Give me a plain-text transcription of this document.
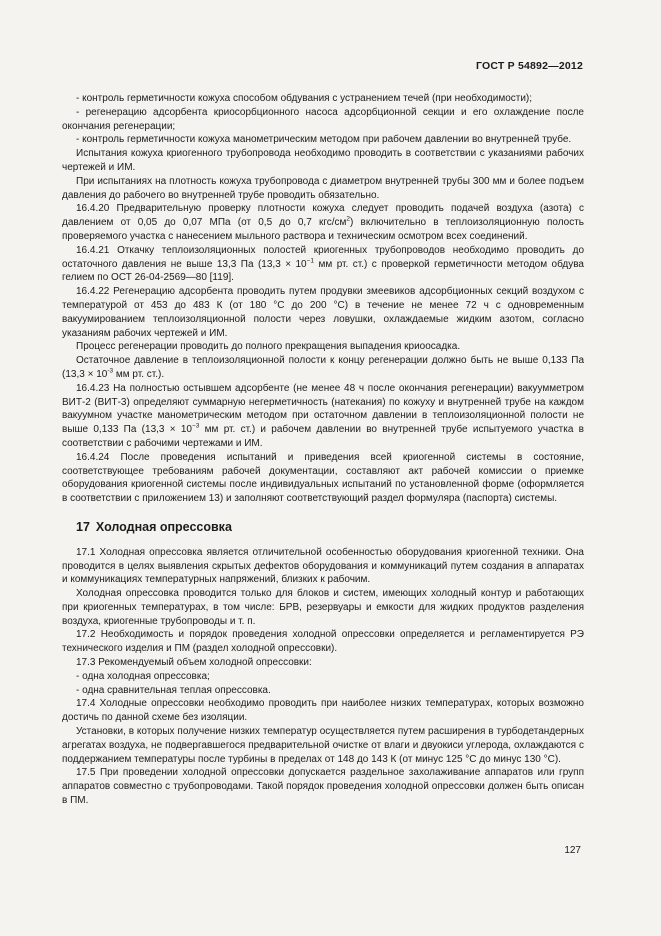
ГОСТ Р 54892—2012

- контроль герметичности кожуха способом обдувания с устранением течей (при необходимости);

- регенерацию адсорбента криосорбционного насоса адсорбционной секции и его охлаждение после окончания регенерации;

- контроль герметичности кожуха манометрическим методом при рабочем давлении во внутренней трубе.

Испытания кожуха криогенного трубопровода необходимо проводить в соответствии с указаниями рабочих чертежей и ИМ.

При испытаниях на плотность кожуха трубопровода с диаметром внутренней трубы 300 мм и более подъем давления до рабочего во внутренней трубе проводить обязательно.

16.4.20 Предварительную проверку плотности кожуха следует проводить подачей воздуха (азота) с давлением от 0,05 до 0,07 МПа (от 0,5 до 0,7 кгс/$см^2$) включительно в теплоизоляционную полость проверяемого участка с нанесением мыльного раствора и техническим осмотром всех соединений.

16.4.21 Откачку теплоизоляционных полостей криогенных трубопроводов необходимо проводить до остаточного давления не выше 13,3 Па ($13,3 \times 10^{-1}$ мм рт. ст.) с проверкой герметичности методом обдува гелием по ОСТ 26-04-2569—80 [119].

16.4.22 Регенерацию адсорбента проводить путем продувки змеевиков адсорбционных секций воздухом с температурой от 453 до 483 К (от 180 °С до 200 °С) в течение не менее 72 ч с одновременным вакуумированием теплоизоляционной полости через ловушки, охлаждаемые жидким азотом, согласно указаниям рабочих чертежей и ИМ.

Процесс регенерации проводить до полного прекращения выпадения криоосадка.

Остаточное давление в теплоизоляционной полости к концу регенерации должно быть не выше 0,133 Па ($13,3 \times 10^{-3}$ мм рт. ст.).

16.4.23 На полностью остывшем адсорбенте (не менее 48 ч после окончания регенерации) вакуумметром ВИТ-2 (ВИТ-3) определяют суммарную негерметичность (натекания) по кожуху и внутренней трубе на каждом вакуумном участке манометрическим методом при остаточном давлении в теплоизоляционной полости не выше 0,133 Па ($13,3 \times 10^{-3}$ мм рт. ст.) и рабочем давлении во внутренней трубе испытуемого участка в соответствии с рабочими чертежами и ИМ.

16.4.24 После проведения испытаний и приведения всей криогенной системы в состояние, соответствующее требованиям рабочей документации, составляют акт рабочей комиссии о приемке оборудования криогенной системы после индивидуальных испытаний по установленной форме (оформляется в соответствии с приложением 13) и заполняют соответствующий раздел формуляра (паспорта) системы.

17 Холодная опрессовка

17.1 Холодная опрессовка является отличительной особенностью оборудования криогенной техники. Она проводится в целях выявления скрытых дефектов оборудования и коммуникаций путем создания в аппаратах и коммуникациях температурных напряжений, близких к рабочим.

Холодная опрессовка проводится только для блоков и систем, имеющих холодный контур и работающих при криогенных температурах, в том числе: БРВ, резервуары и емкости для жидких продуктов разделения воздуха, криогенные трубопроводы и т. п.

17.2 Необходимость и порядок проведения холодной опрессовки определяется и регламентируется РЭ технического изделия и ПМ (раздел холодной опрессовки).

17.3 Рекомендуемый объем холодной опрессовки:

- одна холодная опрессовка;

- одна сравнительная теплая опрессовка.

17.4 Холодные опрессовки необходимо проводить при наиболее низких температурах, которых возможно достичь по данной схеме без изоляции.

Установки, в которых получение низких температур осуществляется путем расширения в турбодетандерных агрегатах воздуха, не подвергавшегося предварительной очистке от влаги и двуокиси углерода, охлаждаются с поддержанием температуры после турбины в пределах от 148 до 143 К (от минус 125 °С до минус 130 °С).

17.5 При проведении холодной опрессовки допускается раздельное захолаживание аппаратов или групп аппаратов совместно с трубопроводами. Такой порядок проведения холодной опрессовки должен быть описан в ПМ.

127
